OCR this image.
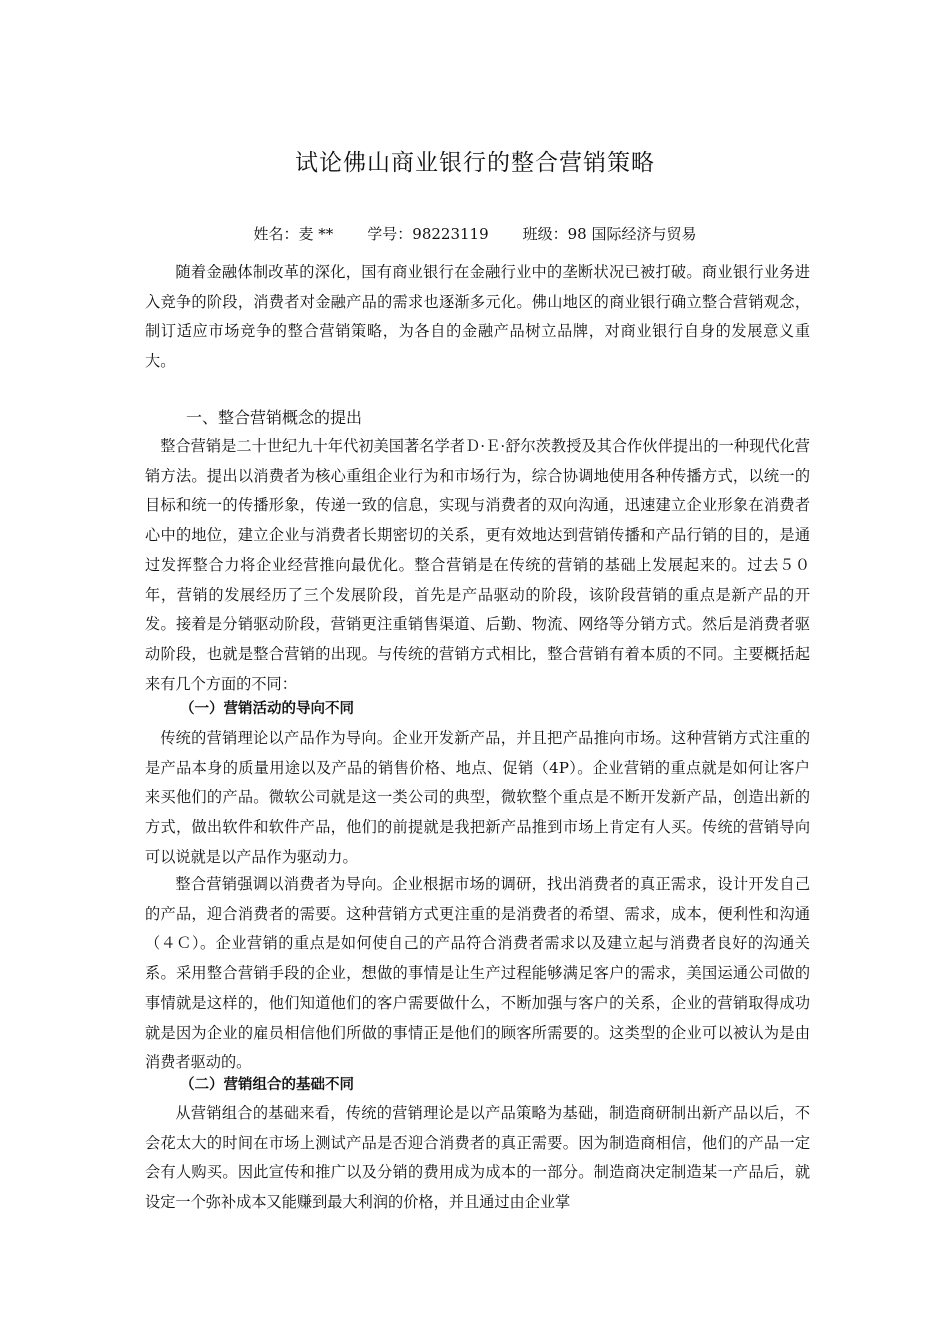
试论佛山商业银行的整合营销策略
姓名：麦 ** 学号：98223119 班级：98 国际经济与贸易
随着金融体制改革的深化，国有商业银行在金融行业中的垄断状况已被打破。商业银行业务进入竞争的阶段，消费者对金融产品的需求也逐渐多元化。佛山地区的商业银行确立整合营销观念，制订适应市场竞争的整合营销策略，为各自的金融产品树立品牌，对商业银行自身的发展意义重大。
一、整合营销概念的提出
整合营销是二十世纪九十年代初美国著名学者Ｄ·Ｅ·舒尔茨教授及其合作伙伴提出的一种现代化营销方法。提出以消费者为核心重组企业行为和市场行为，综合协调地使用各种传播方式，以统一的目标和统一的传播形象，传递一致的信息，实现与消费者的双向沟通，迅速建立企业形象在消费者心中的地位，建立企业与消费者长期密切的关系，更有效地达到营销传播和产品行销的目的，是通过发挥整合力将企业经营推向最优化。整合营销是在传统的营销的基础上发展起来的。过去５０年，营销的发展经历了三个发展阶段，首先是产品驱动的阶段，该阶段营销的重点是新产品的开发。接着是分销驱动阶段，营销更注重销售渠道、后勤、物流、网络等分销方式。然后是消费者驱动阶段，也就是整合营销的出现。与传统的营销方式相比，整合营销有着本质的不同。主要概括起来有几个方面的不同：
（一）营销活动的导向不同
传统的营销理论以产品作为导向。企业开发新产品，并且把产品推向市场。这种营销方式注重的是产品本身的质量用途以及产品的销售价格、地点、促销（4P）。企业营销的重点就是如何让客户来买他们的产品。微软公司就是这一类公司的典型，微软整个重点是不断开发新产品，创造出新的方式，做出软件和软件产品，他们的前提就是我把新产品推到市场上肯定有人买。传统的营销导向可以说就是以产品作为驱动力。
整合营销强调以消费者为导向。企业根据市场的调研，找出消费者的真正需求，设计开发自己的产品，迎合消费者的需要。这种营销方式更注重的是消费者的希望、需求，成本，便利性和沟通（４Ｃ）。企业营销的重点是如何使自己的产品符合消费者需求以及建立起与消费者良好的沟通关系。采用整合营销手段的企业，想做的事情是让生产过程能够满足客户的需求，美国运通公司做的事情就是这样的，他们知道他们的客户需要做什么，不断加强与客户的关系，企业的营销取得成功就是因为企业的雇员相信他们所做的事情正是他们的顾客所需要的。这类型的企业可以被认为是由消费者驱动的。
（二）营销组合的基础不同
从营销组合的基础来看，传统的营销理论是以产品策略为基础，制造商研制出新产品以后，不会花太大的时间在市场上测试产品是否迎合消费者的真正需要。因为制造商相信，他们的产品一定会有人购买。因此宣传和推广以及分销的费用成为成本的一部分。制造商决定制造某一产品后，就设定一个弥补成本又能赚到最大利润的价格，并且通过由企业掌
